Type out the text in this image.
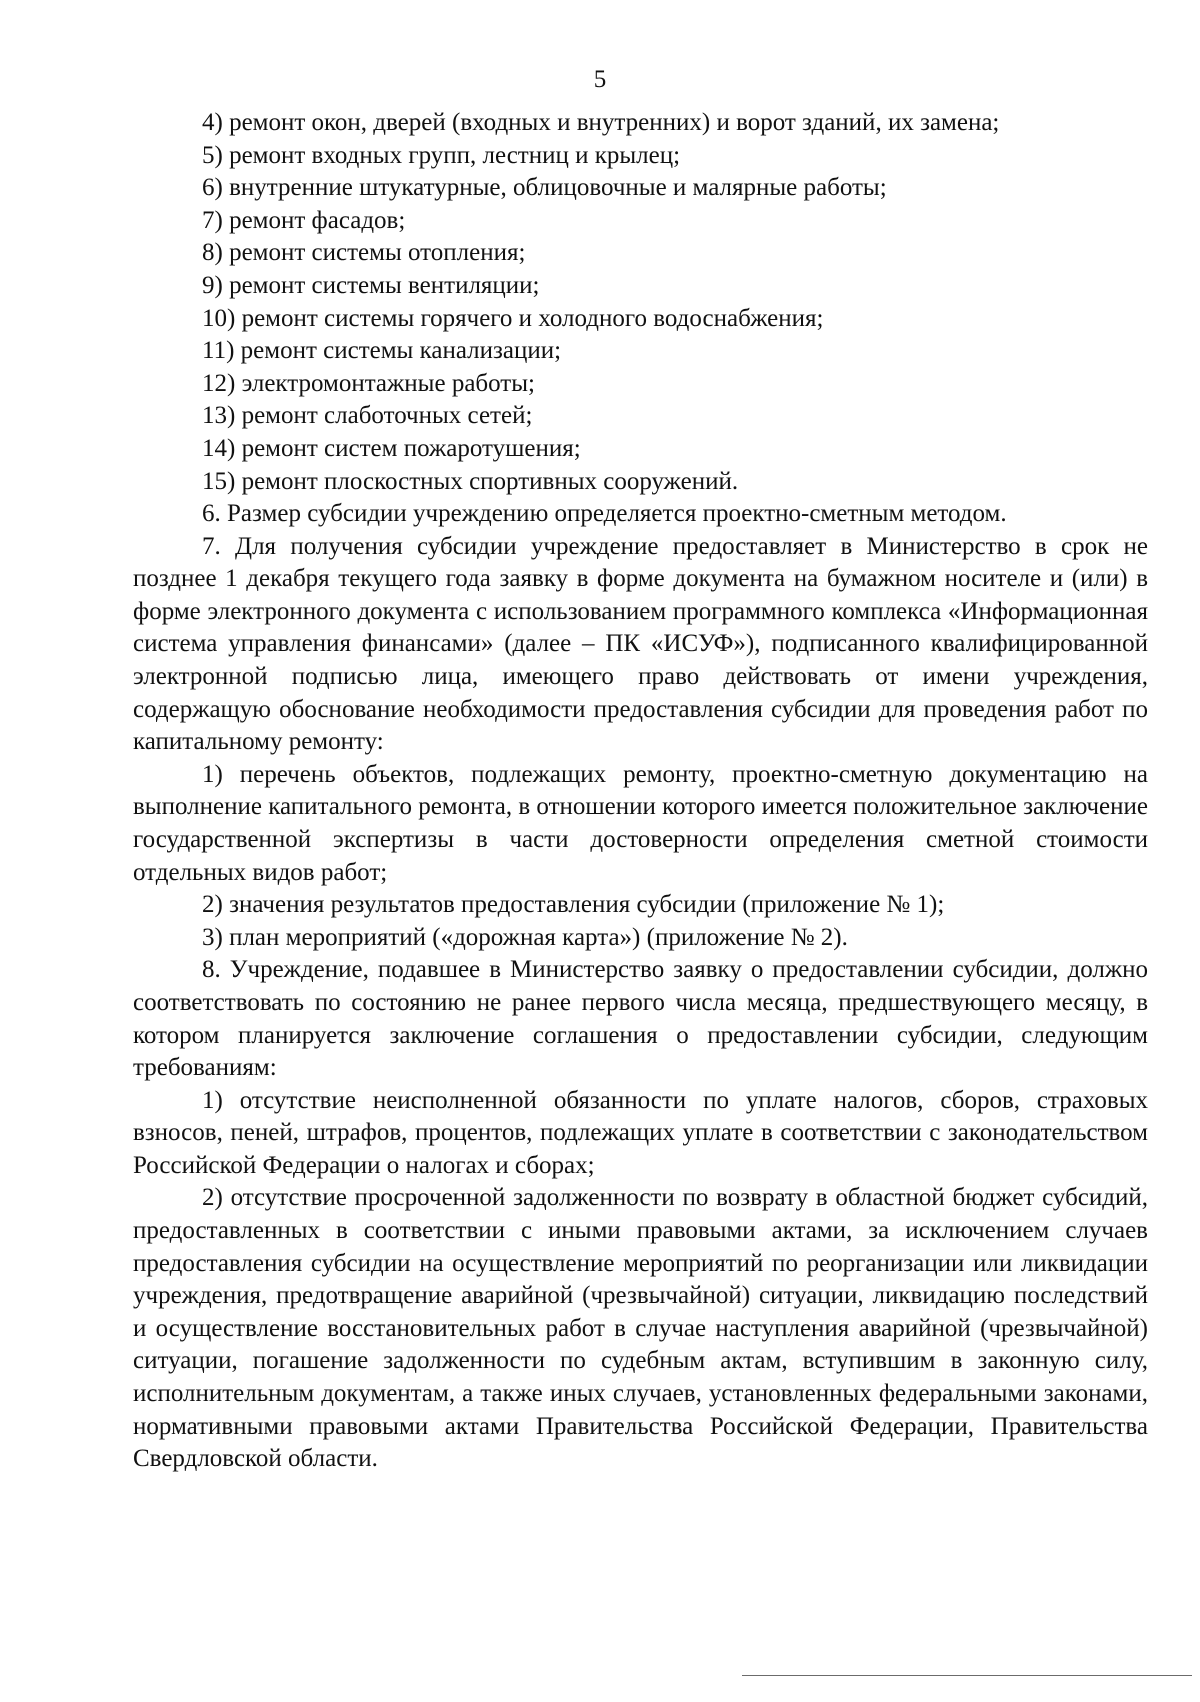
5
4) ремонт окон, дверей (входных и внутренних) и ворот зданий, их замена;
5) ремонт входных групп, лестниц и крылец;
6) внутренние штукатурные, облицовочные и малярные работы;
7) ремонт фасадов;
8) ремонт системы отопления;
9) ремонт системы вентиляции;
10) ремонт системы горячего и холодного водоснабжения;
11) ремонт системы канализации;
12) электромонтажные работы;
13) ремонт слаботочных сетей;
14) ремонт систем пожаротушения;
15) ремонт плоскостных спортивных сооружений.

6. Размер субсидии учреждению определяется проектно-сметным методом.

7. Для получения субсидии учреждение предоставляет в Министерство в срок не позднее 1 декабря текущего года заявку в форме документа на бумажном носителе и (или) в форме электронного документа с использованием программного комплекса «Информационная система управления финансами» (далее – ПК «ИСУФ»), подписанного квалифицированной электронной подписью лица, имеющего право действовать от имени учреждения, содержащую обоснование необходимости предоставления субсидии для проведения работ по капитальному ремонту:

1) перечень объектов, подлежащих ремонту, проектно-сметную документацию на выполнение капитального ремонта, в отношении которого имеется положительное заключение государственной экспертизы в части достоверности определения сметной стоимости отдельных видов работ;

2) значения результатов предоставления субсидии (приложение № 1);

3) план мероприятий («дорожная карта») (приложение № 2).

8. Учреждение, подавшее в Министерство заявку о предоставлении субсидии, должно соответствовать по состоянию не ранее первого числа месяца, предшествующего месяцу, в котором планируется заключение соглашения о предоставлении субсидии, следующим требованиям:

1) отсутствие неисполненной обязанности по уплате налогов, сборов, страховых взносов, пеней, штрафов, процентов, подлежащих уплате в соответствии с законодательством Российской Федерации о налогах и сборах;

2) отсутствие просроченной задолженности по возврату в областной бюджет субсидий, предоставленных в соответствии с иными правовыми актами, за исключением случаев предоставления субсидии на осуществление мероприятий по реорганизации или ликвидации учреждения, предотвращение аварийной (чрезвычайной) ситуации, ликвидацию последствий и осуществление восстановительных работ в случае наступления аварийной (чрезвычайной) ситуации, погашение задолженности по судебным актам, вступившим в законную силу, исполнительным документам, а также иных случаев, установленных федеральными законами, нормативными правовыми актами Правительства Российской Федерации, Правительства Свердловской области.
